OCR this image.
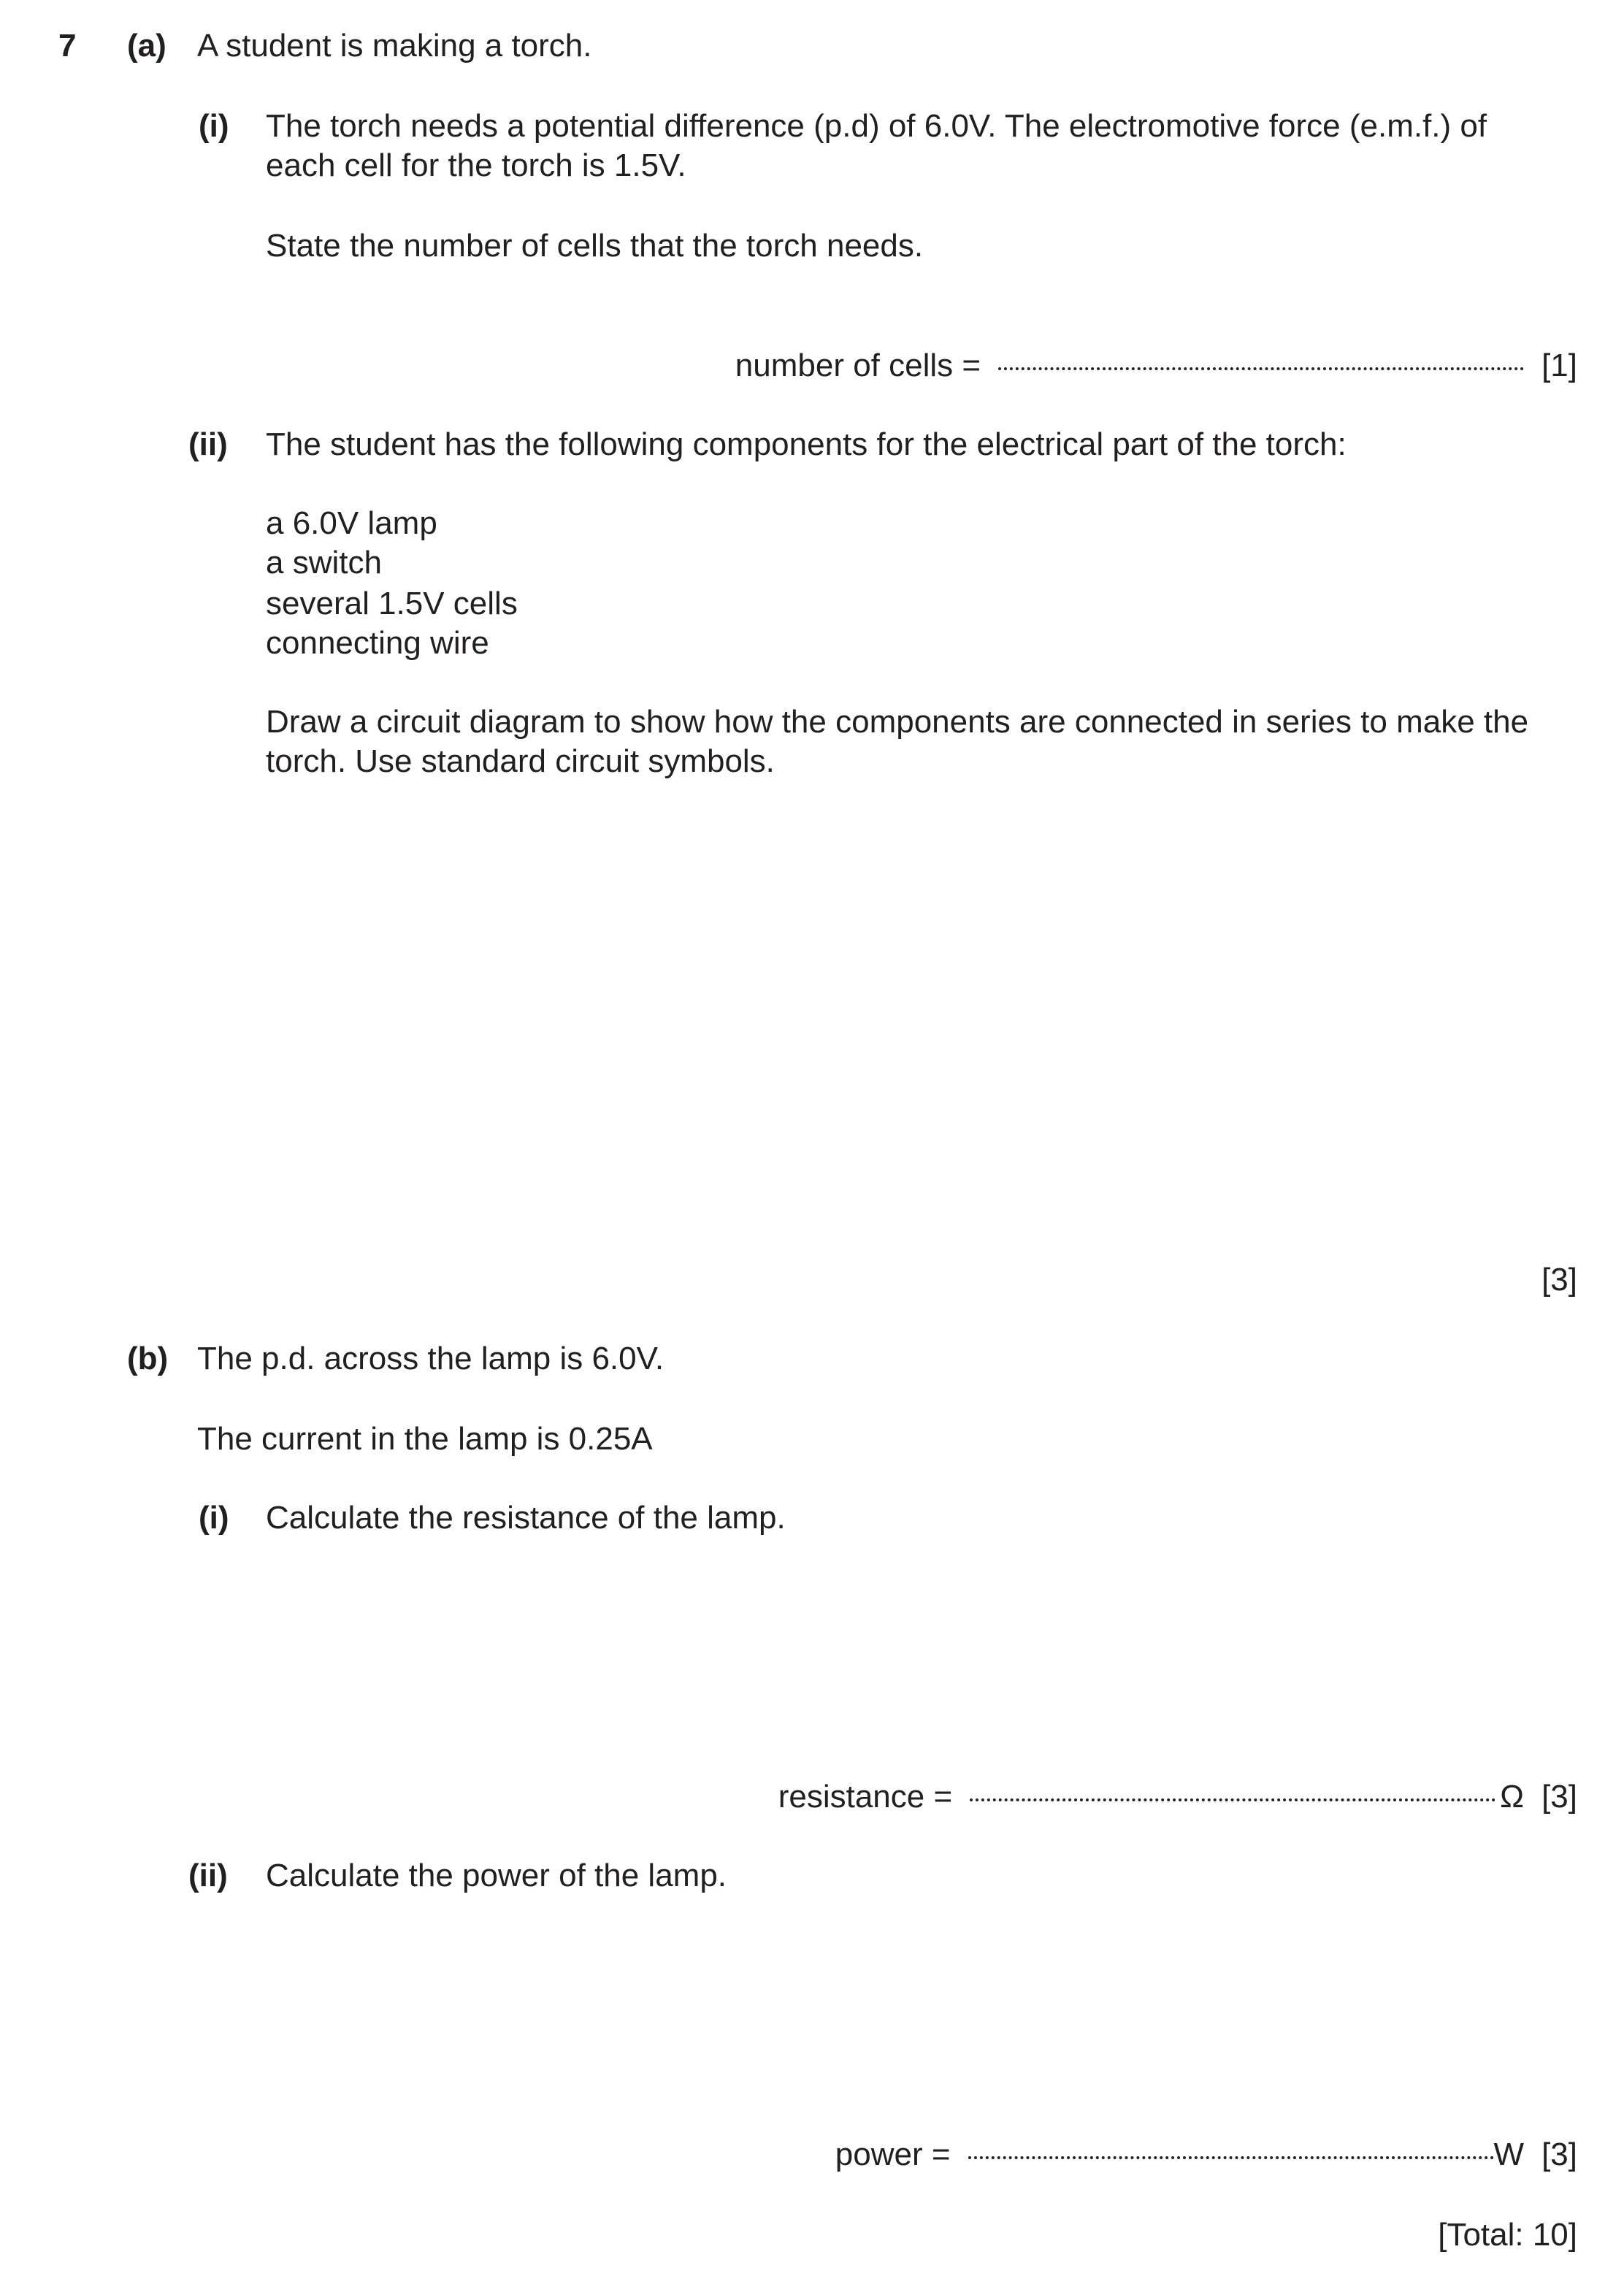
7 (a) A student is making a torch.
(i) The torch needs a potential difference (p.d) of 6.0V. The electromotive force (e.m.f.) of
each cell for the torch is 1.5V.
State the number of cells that the torch needs.
number of cells =	[1]
(ii) The student has the following components for the electrical part of the torch:
a 6.0V lamp
a switch
several 1.5V cells
connecting wire
Draw a circuit diagram to show how the components are connected in series to make the
torch. Use standard circuit symbols.
[3]
(b) The p.d. across the lamp is 6.0V.
The current in the lamp is 0.25A
(i) Calculate the resistance of the lamp.
resistance =	Ω [3]
(ii) Calculate the power of the lamp.
power =	W [3]
[Total: 10]
